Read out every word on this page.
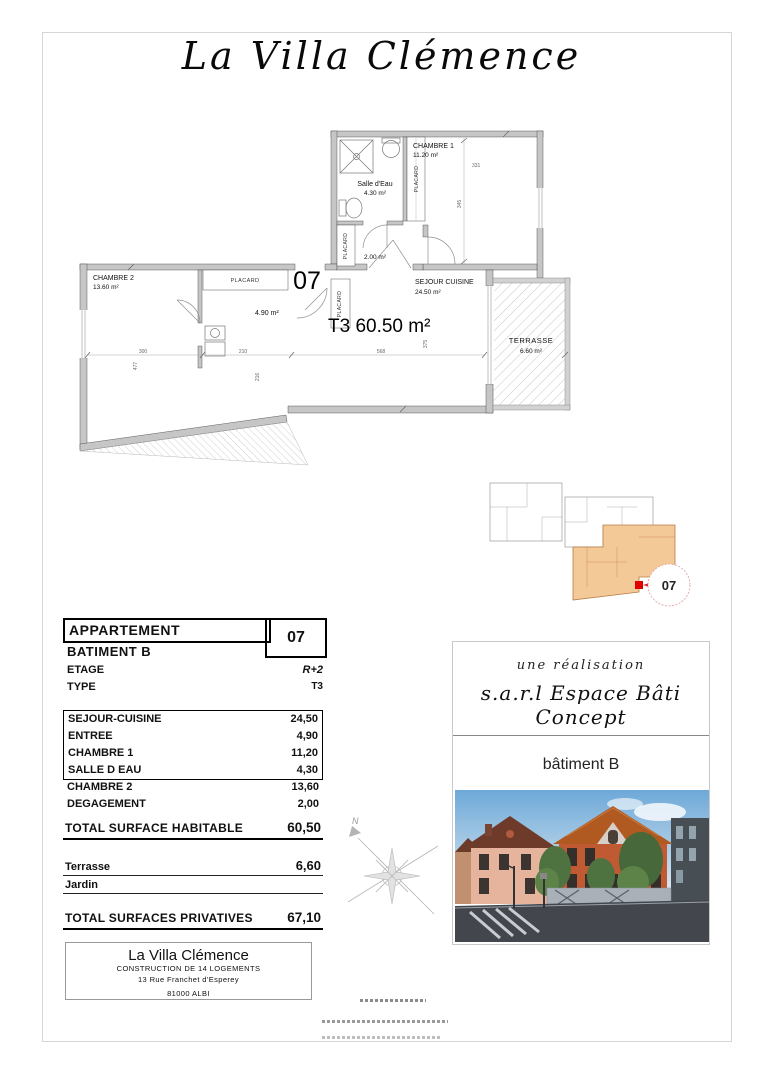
La Villa Clémence
PLACARD
PLACARD
PLACARD
PLACARD
300	210	568
477
216
375
345
331
CHAMBRE 1
11.20 m²
Salle d'Eau
4.30 m²
2.00 m²
CHAMBRE 2
13.60 m²
4.90 m²
SEJOUR CUISINE
24.50 m²
TERRASSE
6.60 m²
07
T3 60.50 m²
07
APPARTEMENT	07
BATIMENT B
ETAGE	R+2
TYPE	T3
SEJOUR-CUISINE	24,50
ENTREE	4,90
CHAMBRE 1	11,20
SALLE D EAU	4,30
CHAMBRE 2	13,60
DEGAGEMENT	2,00
TOTAL SURFACE HABITABLE	60,50
Terrasse	6,60
Jardin
TOTAL SURFACES PRIVATIVES	67,10
La Villa Clémence
CONSTRUCTION DE 14 LOGEMENTS
13 Rue Franchet d'Esperey
81000 ALBI
N
une réalisation
s.a.r.l Espace Bâti Concept
bâtiment B
